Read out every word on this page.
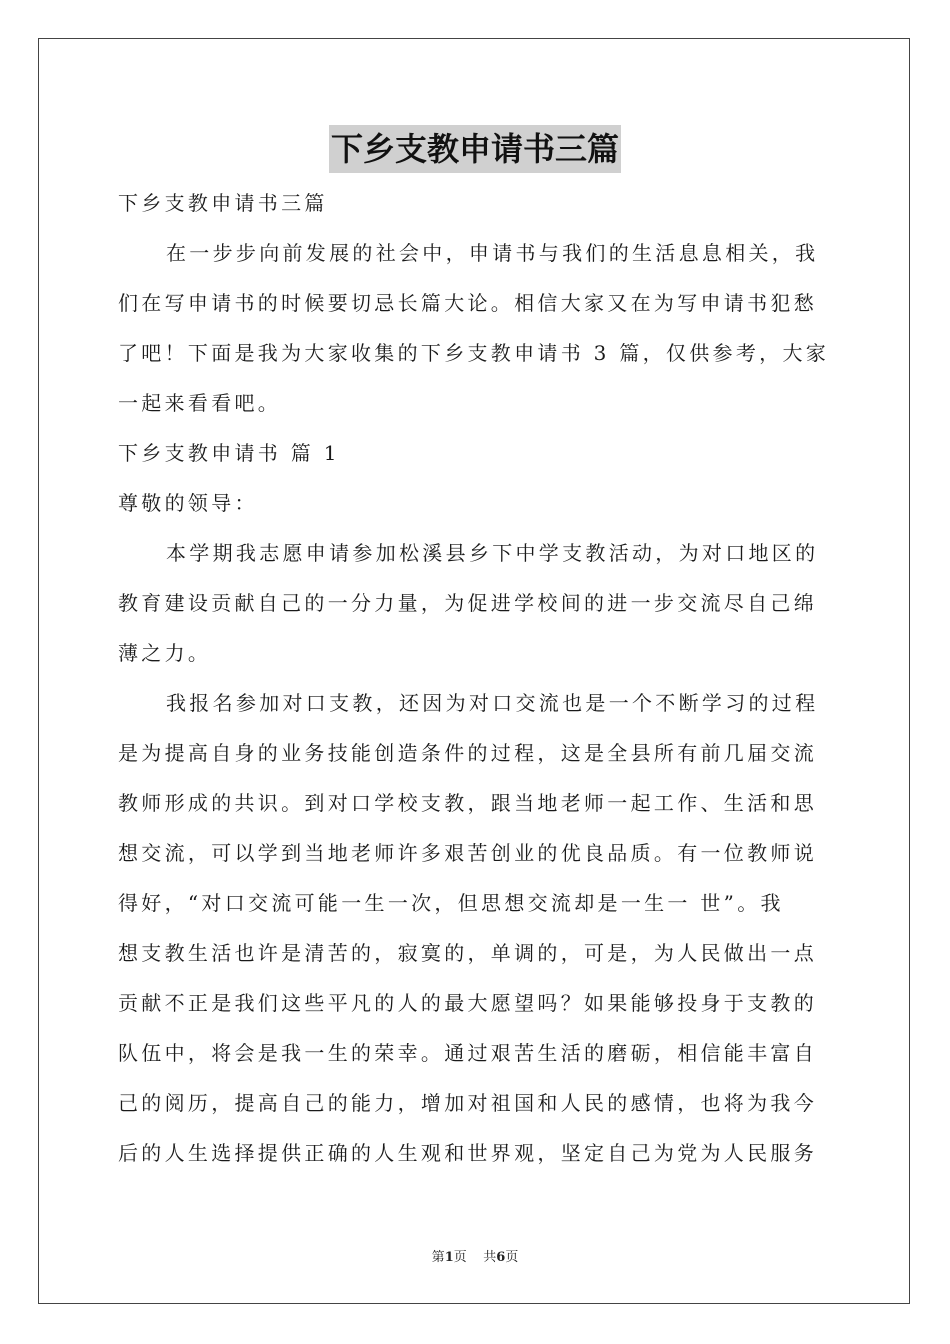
下乡支教申请书三篇
下乡支教申请书三篇
在一步步向前发展的社会中，申请书与我们的生活息息相关，我
们在写申请书的时候要切忌长篇大论。相信大家又在为写申请书犯愁
了吧！下面是我为大家收集的下乡支教申请书 3 篇，仅供参考，大家
一起来看看吧。
下乡支教申请书 篇 1
尊敬的领导：
本学期我志愿申请参加松溪县乡下中学支教活动，为对口地区的
教育建设贡献自己的一分力量，为促进学校间的进一步交流尽自己绵
薄之力。
我报名参加对口支教，还因为对口交流也是一个不断学习的过程
是为提高自身的业务技能创造条件的过程，这是全县所有前几届交流
教师形成的共识。到对口学校支教，跟当地老师一起工作、生活和思
想交流，可以学到当地老师许多艰苦创业的优良品质。有一位教师说
得好，“对口交流可能一生一次，但思想交流却是一生一 世”。我
想支教生活也许是清苦的，寂寞的，单调的，可是，为人民做出一点
贡献不正是我们这些平凡的人的最大愿望吗？如果能够投身于支教的
队伍中，将会是我一生的荣幸。通过艰苦生活的磨砺，相信能丰富自
己的阅历，提高自己的能力，增加对祖国和人民的感情，也将为我今
后的人生选择提供正确的人生观和世界观，坚定自己为党为人民服务
第1页    共6页
